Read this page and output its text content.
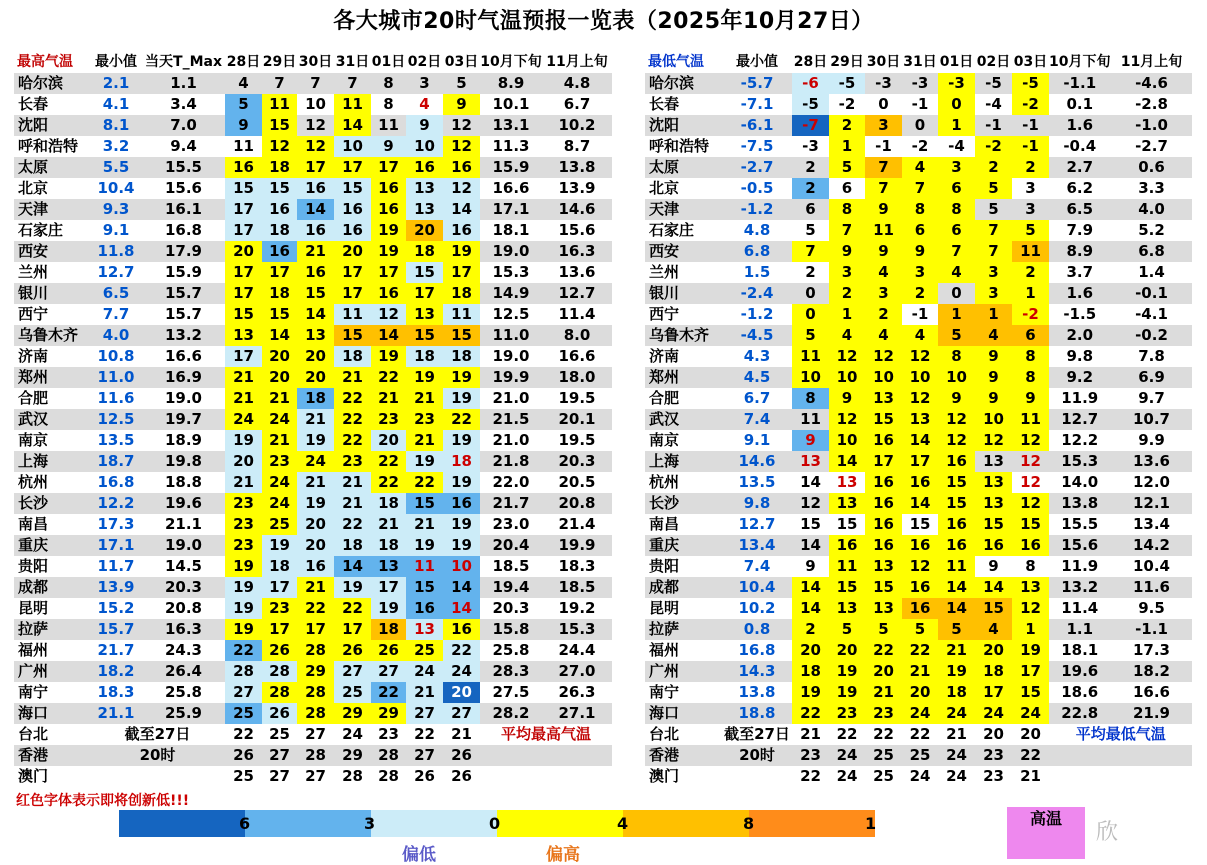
各大城市20时气温预报一览表（2025年10月27日）
最高气温	最小值	当天T_Max	28日	29日	30日	31日	01日	02日	03日	10月下旬	11月上旬
哈尔滨	2.1	1.1	4	7	7	7	8	3	5	8.9	4.8
长春	4.1	3.4	5	11	10	11	8	4	9	10.1	6.7
沈阳	8.1	7.0	9	15	12	14	11	9	12	13.1	10.2
呼和浩特	3.2	9.4	11	12	12	10	9	10	12	11.3	8.7
太原	5.5	15.5	16	18	17	17	17	16	16	15.9	13.8
北京	10.4	15.6	15	15	16	15	16	13	12	16.6	13.9
天津	9.3	16.1	17	16	14	16	16	13	14	17.1	14.6
石家庄	9.1	16.8	17	18	16	16	19	20	16	18.1	15.6
西安	11.8	17.9	20	16	21	20	19	18	19	19.0	16.3
兰州	12.7	15.9	17	17	16	17	17	15	17	15.3	13.6
银川	6.5	15.7	17	18	15	17	16	17	18	14.9	12.7
西宁	7.7	15.7	15	15	14	11	12	13	11	12.5	11.4
乌鲁木齐	4.0	13.2	13	14	13	15	14	15	15	11.0	8.0
济南	10.8	16.6	17	20	20	18	19	18	18	19.0	16.6
郑州	11.0	16.9	21	20	20	21	22	19	19	19.9	18.0
合肥	11.6	19.0	21	21	18	22	21	21	19	21.0	19.5
武汉	12.5	19.7	24	24	21	22	23	23	22	21.5	20.1
南京	13.5	18.9	19	21	19	22	20	21	19	21.0	19.5
上海	18.7	19.8	20	23	24	23	22	19	18	21.8	20.3
杭州	16.8	18.8	21	24	21	21	22	22	19	22.0	20.5
长沙	12.2	19.6	23	24	19	21	18	15	16	21.7	20.8
南昌	17.3	21.1	23	25	20	22	21	21	19	23.0	21.4
重庆	17.1	19.0	23	19	20	18	18	19	19	20.4	19.9
贵阳	11.7	14.5	19	18	16	14	13	11	10	18.5	18.3
成都	13.9	20.3	19	17	21	19	17	15	14	19.4	18.5
昆明	15.2	20.8	19	23	22	22	19	16	14	20.3	19.2
拉萨	15.7	16.3	19	17	17	17	18	13	16	15.8	15.3
福州	21.7	24.3	22	26	28	26	26	25	22	25.8	24.4
广州	18.2	26.4	28	28	29	27	27	24	24	28.3	27.0
南宁	18.3	25.8	27	28	28	25	22	21	20	27.5	26.3
海口	21.1	25.9	25	26	28	29	29	27	27	28.2	27.1
台北	截至27日		22	25	27	24	23	22	21	平均最高气温	
香港	20时		26	27	28	29	28	27	26		
澳门			25	27	27	28	28	26	26		
最低气温	最小值	28日	29日	30日	31日	01日	02日	03日	10月下旬	11月上旬
哈尔滨	-5.7	-6	-5	-3	-3	-3	-5	-5	-1.1	-4.6
长春	-7.1	-5	-2	0	-1	0	-4	-2	0.1	-2.8
沈阳	-6.1	-7	2	3	0	1	-1	-1	1.6	-1.0
呼和浩特	-7.5	-3	1	-1	-2	-4	-2	-1	-0.4	-2.7
太原	-2.7	2	5	7	4	3	2	2	2.7	0.6
北京	-0.5	2	6	7	7	6	5	3	6.2	3.3
天津	-1.2	6	8	9	8	8	5	3	6.5	4.0
石家庄	4.8	5	7	11	6	6	7	5	7.9	5.2
西安	6.8	7	9	9	9	7	7	11	8.9	6.8
兰州	1.5	2	3	4	3	4	3	2	3.7	1.4
银川	-2.4	0	2	3	2	0	3	1	1.6	-0.1
西宁	-1.2	0	1	2	-1	1	1	-2	-1.5	-4.1
乌鲁木齐	-4.5	5	4	4	4	5	4	6	2.0	-0.2
济南	4.3	11	12	12	12	8	9	8	9.8	7.8
郑州	4.5	10	10	10	10	10	9	8	9.2	6.9
合肥	6.7	8	9	13	12	9	9	9	11.9	9.7
武汉	7.4	11	12	15	13	12	10	11	12.7	10.7
南京	9.1	9	10	16	14	12	12	12	12.2	9.9
上海	14.6	13	14	17	17	16	13	12	15.3	13.6
杭州	13.5	14	13	16	16	15	13	12	14.0	12.0
长沙	9.8	12	13	16	14	15	13	12	13.8	12.1
南昌	12.7	15	15	16	15	16	15	15	15.5	13.4
重庆	13.4	14	16	16	16	16	16	16	15.6	14.2
贵阳	7.4	9	11	13	12	11	9	8	11.9	10.4
成都	10.4	14	15	15	16	14	14	13	13.2	11.6
昆明	10.2	14	13	13	16	14	15	12	11.4	9.5
拉萨	0.8	2	5	5	5	5	4	1	1.1	-1.1
福州	16.8	20	20	22	22	21	20	19	18.1	17.3
广州	14.3	18	19	20	21	19	18	17	19.6	18.2
南宁	13.8	19	19	21	20	18	17	15	18.6	16.6
海口	18.8	22	23	23	24	24	24	24	22.8	21.9
台北	截至27日	21	22	22	22	21	20	20	平均最低气温	
香港	20时	23	24	25	25	24	23	22		
澳门		22	24	25	24	24	23	21		
红色字体表示即将创新低!!!
6	3	0	4	8	1
偏低	偏高
高温
欣
